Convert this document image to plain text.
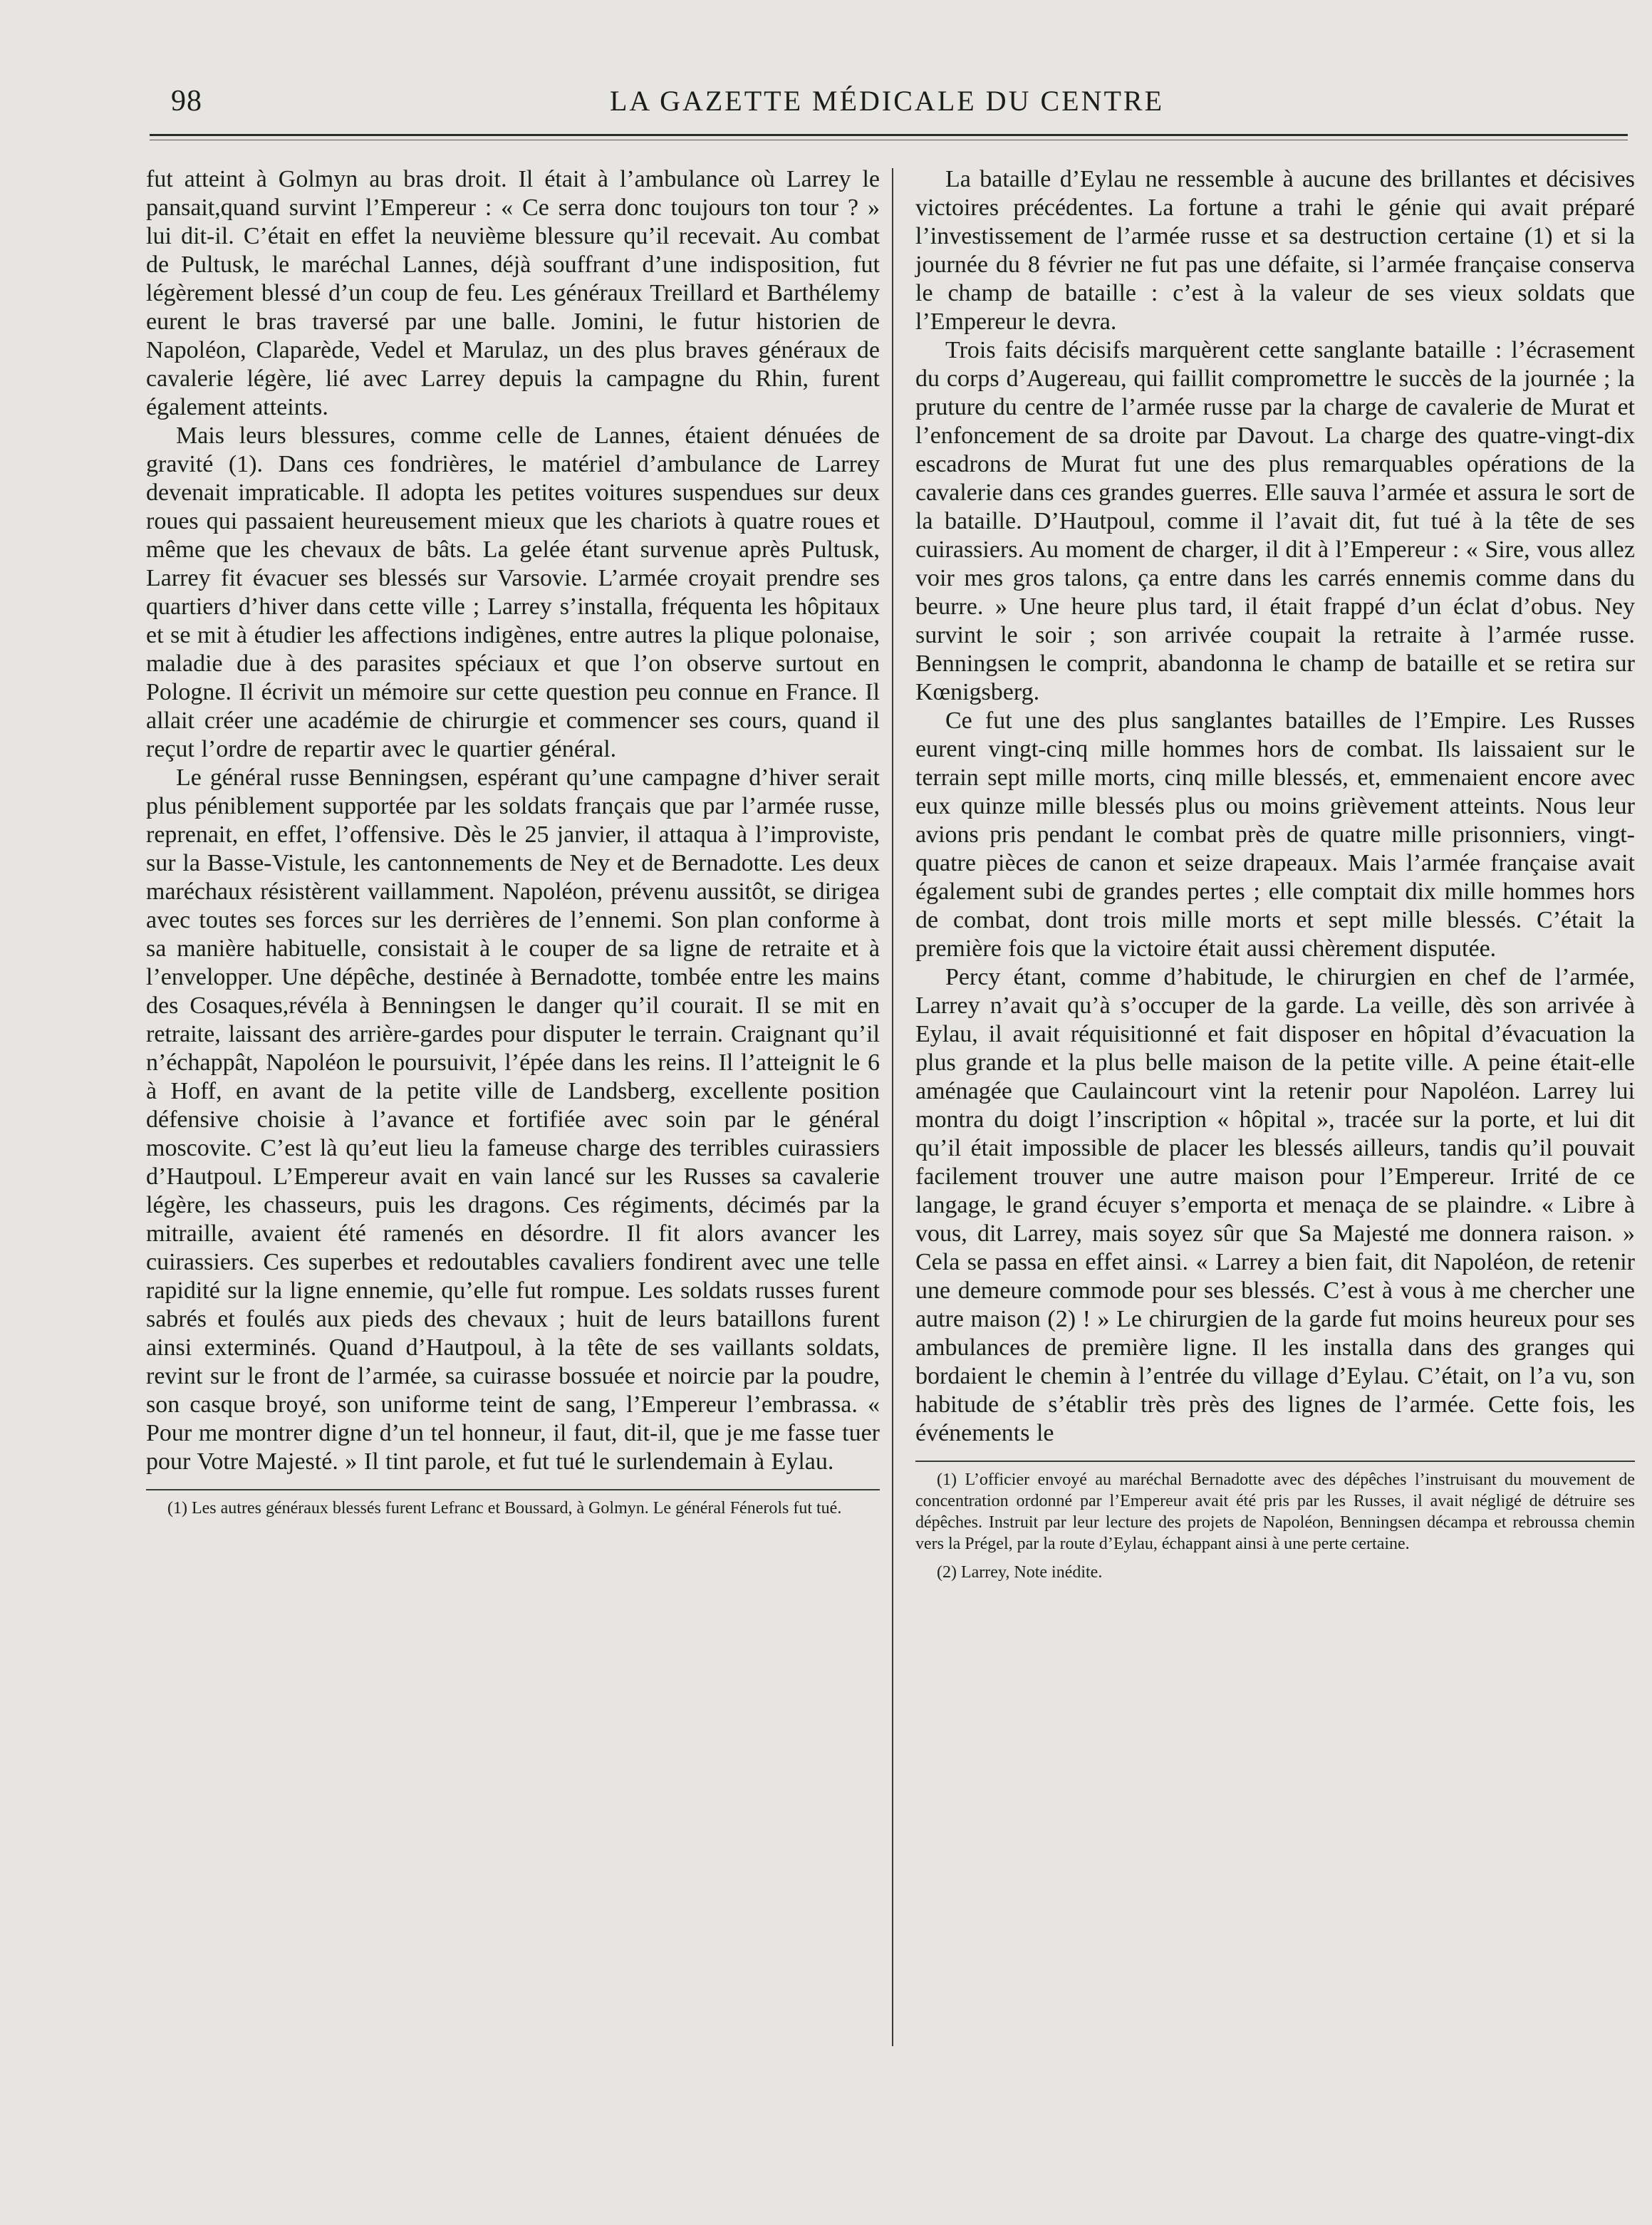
98	LA GAZETTE MÉDICALE DU CENTRE

fut atteint à Golmyn au bras droit. Il était à l’ambulance où Larrey le pansait,quand survint l’Empereur : « Ce serra donc toujours ton tour ? » lui dit-il. C’était en effet la neuvième blessure qu’il recevait. Au combat de Pultusk, le maréchal Lannes, déjà souffrant d’une indisposition, fut légèrement blessé d’un coup de feu. Les généraux Treillard et Barthélemy eurent le bras traversé par une balle. Jomini, le futur historien de Napoléon, Claparède, Vedel et Marulaz, un des plus braves généraux de cavalerie légère, lié avec Larrey depuis la campagne du Rhin, furent également atteints.

Mais leurs blessures, comme celle de Lannes, étaient dénuées de gravité (1). Dans ces fondrières, le matériel d’ambulance de Larrey devenait impraticable. Il adopta les petites voitures suspendues sur deux roues qui passaient heureusement mieux que les chariots à quatre roues et même que les chevaux de bâts. La gelée étant survenue après Pultusk, Larrey fit évacuer ses blessés sur Varsovie. L’armée croyait prendre ses quartiers d’hiver dans cette ville ; Larrey s’installa, fréquenta les hôpitaux et se mit à étudier les affections indigènes, entre autres la plique polonaise, maladie due à des parasites spéciaux et que l’on observe surtout en Pologne. Il écrivit un mémoire sur cette question peu connue en France. Il allait créer une académie de chirurgie et commencer ses cours, quand il reçut l’ordre de repartir avec le quartier général.

Le général russe Benningsen, espérant qu’une campagne d’hiver serait plus péniblement supportée par les soldats français que par l’armée russe, reprenait, en effet, l’offensive. Dès le 25 janvier, il attaqua à l’improviste, sur la Basse-Vistule, les cantonnements de Ney et de Bernadotte. Les deux maréchaux résistèrent vaillamment. Napoléon, prévenu aussitôt, se dirigea avec toutes ses forces sur les derrières de l’ennemi. Son plan conforme à sa manière habituelle, consistait à le couper de sa ligne de retraite et à l’envelopper. Une dépêche, destinée à Bernadotte, tombée entre les mains des Cosaques,révéla à Benningsen le danger qu’il courait. Il se mit en retraite, laissant des arrière-gardes pour disputer le terrain. Craignant qu’il n’échappât, Napoléon le poursuivit, l’épée dans les reins. Il l’atteignit le 6 à Hoff, en avant de la petite ville de Landsberg, excellente position défensive choisie à l’avance et fortifiée avec soin par le général moscovite. C’est là qu’eut lieu la fameuse charge des terribles cuirassiers d’Hautpoul. L’Empereur avait en vain lancé sur les Russes sa cavalerie légère, les chasseurs, puis les dragons. Ces régiments, décimés par la mitraille, avaient été ramenés en désordre. Il fit alors avancer les cuirassiers. Ces superbes et redoutables cavaliers fondirent avec une telle rapidité sur la ligne ennemie, qu’elle fut rompue. Les soldats russes furent sabrés et foulés aux pieds des chevaux ; huit de leurs bataillons furent ainsi exterminés. Quand d’Hautpoul, à la tête de ses vaillants soldats, revint sur le front de l’armée, sa cuirasse bossuée et noircie par la poudre, son casque broyé, son uniforme teint de sang, l’Empereur l’embrassa. « Pour me montrer digne d’un tel honneur, il faut, dit-il, que je me fasse tuer pour Votre Majesté. » Il tint parole, et fut tué le surlendemain à Eylau.

(1) Les autres généraux blessés furent Lefranc et Boussard, à Golmyn. Le général Fénerols fut tué.

La bataille d’Eylau ne ressemble à aucune des brillantes et décisives victoires précédentes. La fortune a trahi le génie qui avait préparé l’investissement de l’armée russe et sa destruction certaine (1) et si la journée du 8 février ne fut pas une défaite, si l’armée française conserva le champ de bataille : c’est à la valeur de ses vieux soldats que l’Empereur le devra.

Trois faits décisifs marquèrent cette sanglante bataille : l’écrasement du corps d’Augereau, qui faillit compromettre le succès de la journée ; la pruture du centre de l’armée russe par la charge de cavalerie de Murat et l’enfoncement de sa droite par Davout. La charge des quatre-vingt-dix escadrons de Murat fut une des plus remarquables opérations de la cavalerie dans ces grandes guerres. Elle sauva l’armée et assura le sort de la bataille. D’Hautpoul, comme il l’avait dit, fut tué à la tête de ses cuirassiers. Au moment de charger, il dit à l’Empereur : « Sire, vous allez voir mes gros talons, ça entre dans les carrés ennemis comme dans du beurre. » Une heure plus tard, il était frappé d’un éclat d’obus. Ney survint le soir ; son arrivée coupait la retraite à l’armée russe. Benningsen le comprit, abandonna le champ de bataille et se retira sur Kœnigsberg.

Ce fut une des plus sanglantes batailles de l’Empire. Les Russes eurent vingt-cinq mille hommes hors de combat. Ils laissaient sur le terrain sept mille morts, cinq mille blessés, et, emmenaient encore avec eux quinze mille blessés plus ou moins grièvement atteints. Nous leur avions pris pendant le combat près de quatre mille prisonniers, vingt-quatre pièces de canon et seize drapeaux. Mais l’armée française avait également subi de grandes pertes ; elle comptait dix mille hommes hors de combat, dont trois mille morts et sept mille blessés. C’était la première fois que la victoire était aussi chèrement disputée.

Percy étant, comme d’habitude, le chirurgien en chef de l’armée, Larrey n’avait qu’à s’occuper de la garde. La veille, dès son arrivée à Eylau, il avait réquisitionné et fait disposer en hôpital d’évacuation la plus grande et la plus belle maison de la petite ville. A peine était-elle aménagée que Caulaincourt vint la retenir pour Napoléon. Larrey lui montra du doigt l’inscription « hôpital », tracée sur la porte, et lui dit qu’il était impossible de placer les blessés ailleurs, tandis qu’il pouvait facilement trouver une autre maison pour l’Empereur. Irrité de ce langage, le grand écuyer s’emporta et menaça de se plaindre. « Libre à vous, dit Larrey, mais soyez sûr que Sa Majesté me donnera raison. » Cela se passa en effet ainsi. « Larrey a bien fait, dit Napoléon, de retenir une demeure commode pour ses blessés. C’est à vous à me chercher une autre maison (2) ! » Le chirurgien de la garde fut moins heureux pour ses ambulances de première ligne. Il les installa dans des granges qui bordaient le chemin à l’entrée du village d’Eylau. C’était, on l’a vu, son habitude de s’établir très près des lignes de l’armée. Cette fois, les événements le

(1) L’officier envoyé au maréchal Bernadotte avec des dépêches l’instruisant du mouvement de concentration ordonné par l’Empereur avait été pris par les Russes, il avait négligé de détruire ses dépêches. Instruit par leur lecture des projets de Napoléon, Benningsen décampa et rebroussa chemin vers la Prégel, par la route d’Eylau, échappant ainsi à une perte certaine.

(2) Larrey, Note inédite.
